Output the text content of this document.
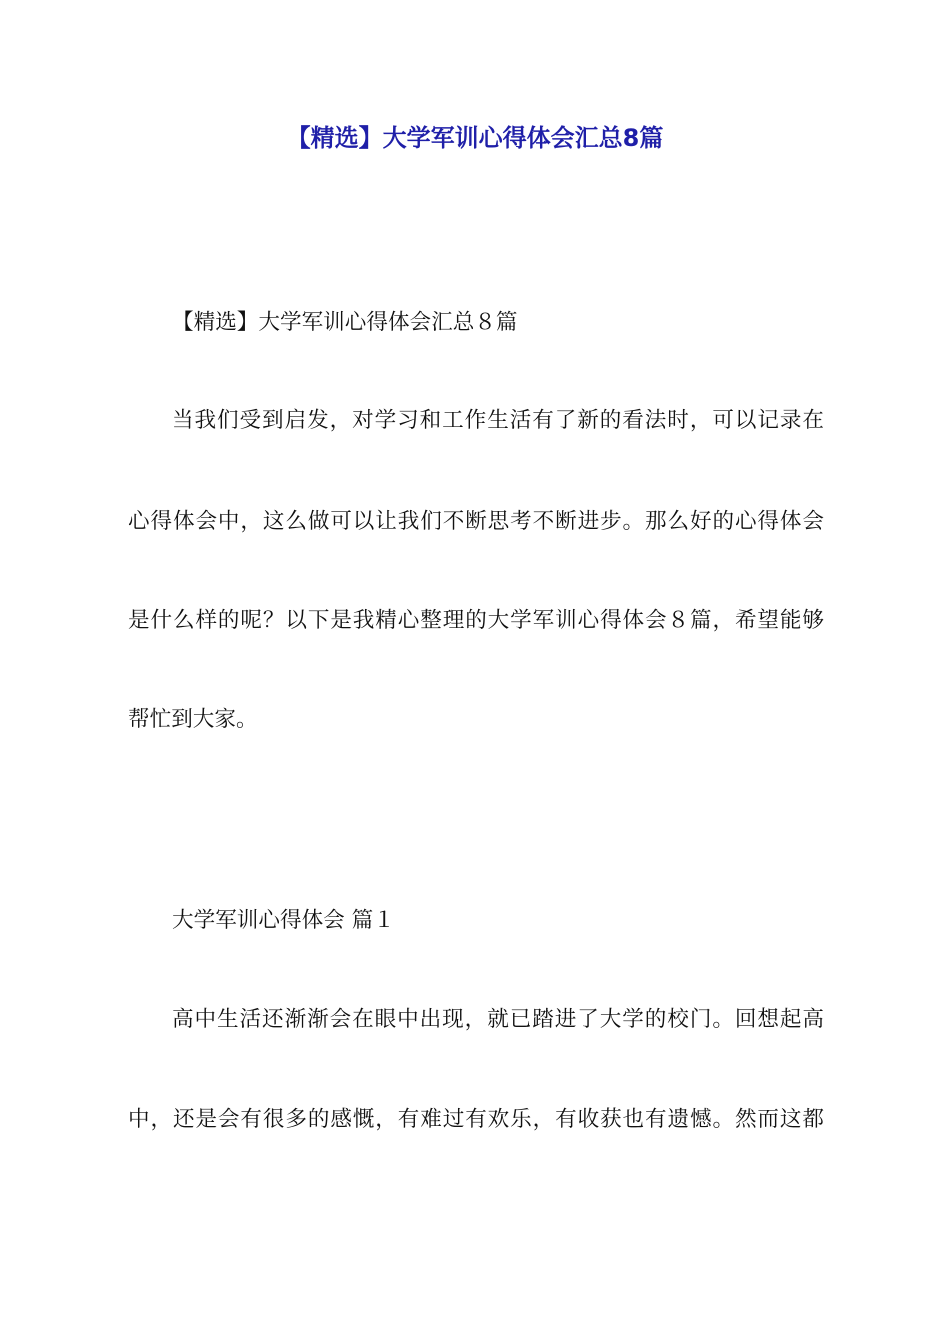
【精选】大学军训心得体会汇总8篇

【精选】大学军训心得体会汇总８篇

当我们受到启发，对学习和工作生活有了新的看法时，可以记录在

心得体会中，这么做可以让我们不断思考不断进步。那么好的心得体会

是什么样的呢？以下是我精心整理的大学军训心得体会８篇，希望能够

帮忙到大家。

大学军训心得体会 篇１

高中生活还渐渐会在眼中出现，就已踏进了大学的校门。回想起高

中，还是会有很多的感慨，有难过有欢乐，有收获也有遗憾。然而这都
